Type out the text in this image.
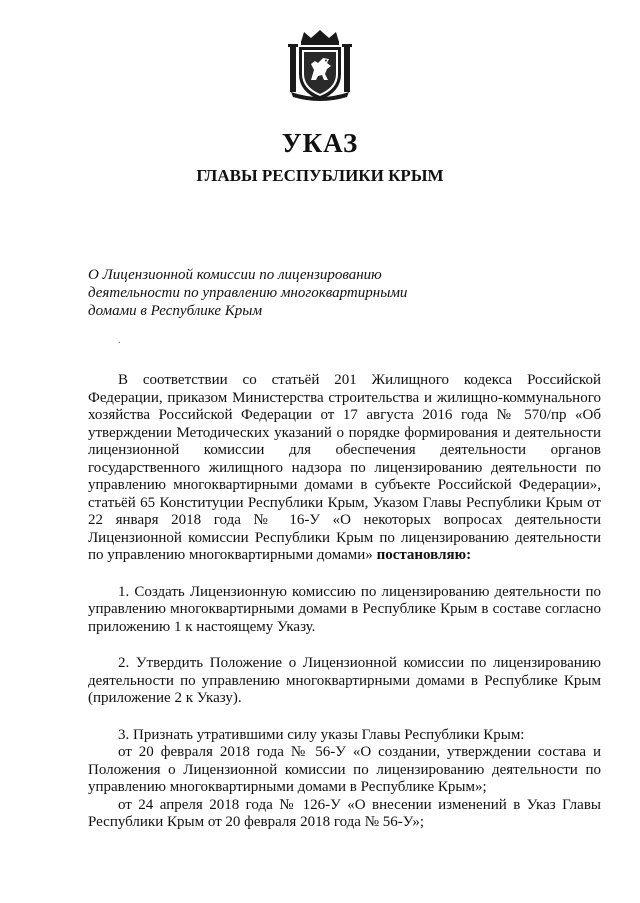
УКАЗ
ГЛАВЫ РЕСПУБЛИКИ КРЫМ
О Лицензионной комиссии по лицензированию
деятельности по управлению многоквартирными
домами в Республике Крым
.

В соответствии со статьёй 201 Жилищного кодекса Российской Федерации, приказом Министерства строительства и жилищно-коммунального хозяйства Российской Федерации от 17 августа 2016 года № 570/пр «Об утверждении Методических указаний о порядке формирования и деятельности лицензионной комиссии для обеспечения деятельности органов государственного жилищного надзора по лицензированию деятельности по управлению многоквартирными домами в субъекте Российской Федерации», статьёй 65 Конституции Республики Крым, Указом Главы Республики Крым от 22 января 2018 года № 16-У «О некоторых вопросах деятельности Лицензионной комиссии Республики Крым по лицензированию деятельности по управлению многоквартирными домами» постановляю:

1. Создать Лицензионную комиссию по лицензированию деятельности по управлению многоквартирными домами в Республике Крым в составе согласно приложению 1 к настоящему Указу.

2. Утвердить Положение о Лицензионной комиссии по лицензированию деятельности по управлению многоквартирными домами в Республике Крым (приложение 2 к Указу).

3. Признать утратившими силу указы Главы Республики Крым:

от 20 февраля 2018 года № 56-У «О создании, утверждении состава и Положения о Лицензионной комиссии по лицензированию деятельности по управлению многоквартирными домами в Республике Крым»;

от 24 апреля 2018 года № 126-У «О внесении изменений в Указ Главы Республики Крым от 20 февраля 2018 года № 56-У»;
